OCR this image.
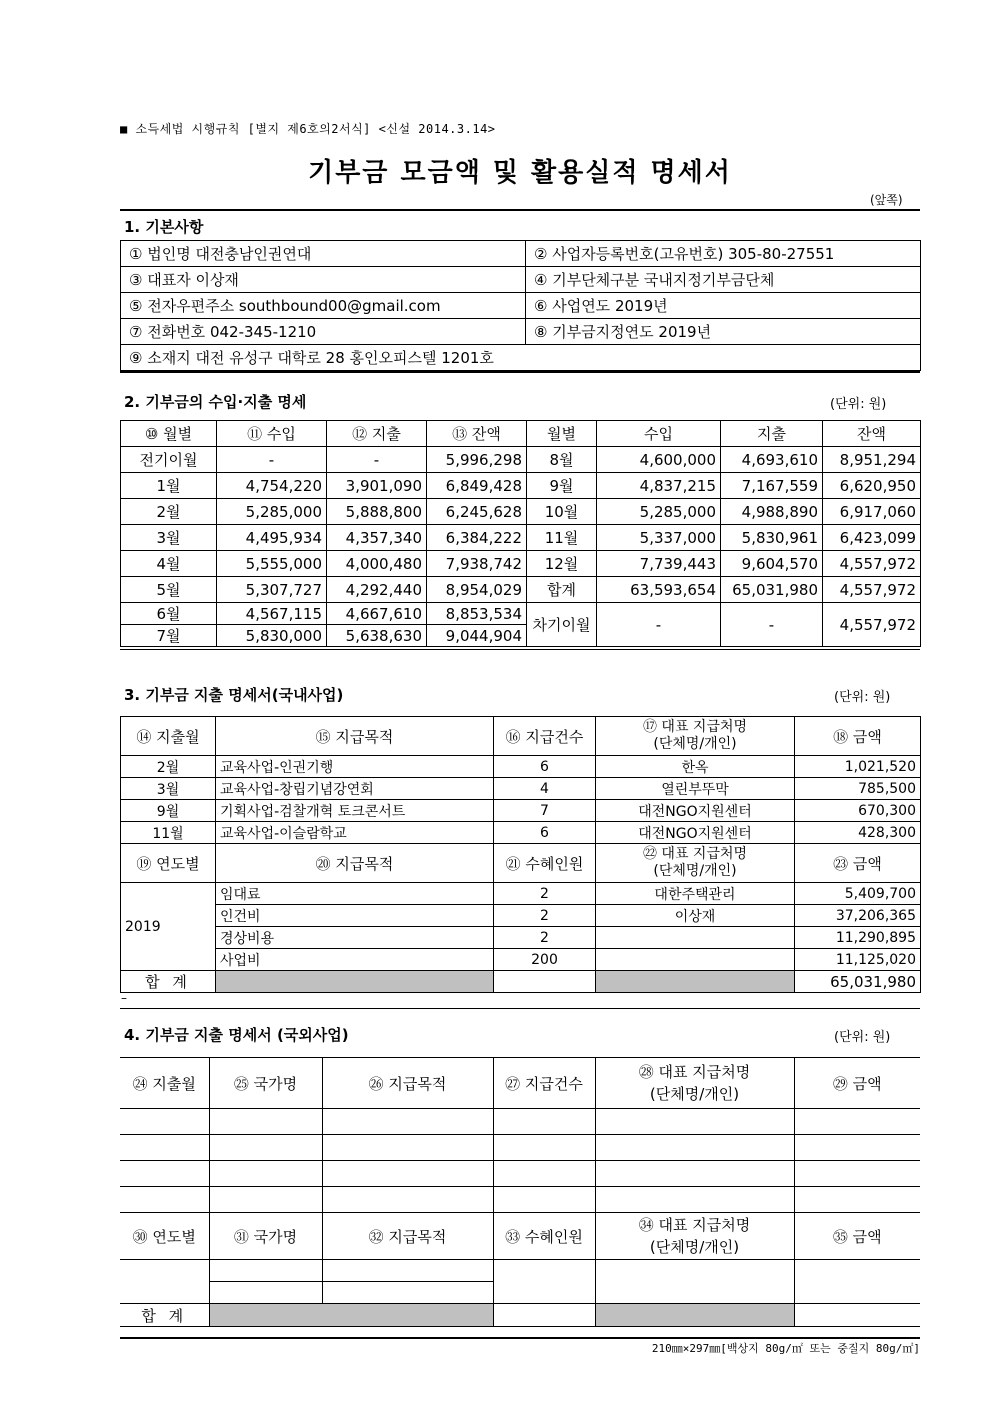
■ 소득세법 시행규칙 [별지 제6호의2서식] <신설 2014.3.14>
기부금 모금액 및 활용실적 명세서
(앞쪽)
1. 기본사항
① 법인명 대전충남인권연대	② 사업자등록번호(고유번호) 305-80-27551
③ 대표자 이상재	④ 기부단체구분 국내지정기부금단체
⑤ 전자우편주소 southbound00@gmail.com	⑥ 사업연도 2019년
⑦ 전화번호 042-345-1210	⑧ 기부금지정연도 2019년
⑨ 소재지 대전 유성구 대학로 28 홍인오피스텔 1201호	
2. 기부금의 수입·지출 명세	(단위: 원)
⑩ 월별	⑪ 수입	⑫ 지출	⑬ 잔액	월별	수입	지출	잔액
전기이월	-	-	5,996,298	8월	4,600,000	4,693,610	8,951,294
1월	4,754,220	3,901,090	6,849,428	9월	4,837,215	7,167,559	6,620,950
2월	5,285,000	5,888,800	6,245,628	10월	5,285,000	4,988,890	6,917,060
3월	4,495,934	4,357,340	6,384,222	11월	5,337,000	5,830,961	6,423,099
4월	5,555,000	4,000,480	7,938,742	12월	7,739,443	9,604,570	4,557,972
5월	5,307,727	4,292,440	8,954,029	합계	63,593,654	65,031,980	4,557,972
6월	4,567,115	4,667,610	8,853,534	차기이월	-	-	4,557,972
7월	5,830,000	5,638,630	9,044,904				
3. 기부금 지출 명세서(국내사업)	(단위: 원)
⑭ 지출월	⑮ 지급목적	⑯ 지급건수	⑰ 대표 지급처명
(단체명/개인)	⑱ 금액
2월	교육사업-인권기행	6	한옥	1,021,520
3월	교육사업-창립기념강연회	4	열린부뚜막	785,500
9월	기획사업-검찰개혁 토크콘서트	7	대전NGO지원센터	670,300
11월	교육사업-이슬람학교	6	대전NGO지원센터	428,300
⑲ 연도별	⑳ 지급목적	㉑ 수혜인원	㉒ 대표 지급처명
(단체명/개인)	㉓ 금액
2019	임대료	2	대한주택관리	5,409,700
	인건비	2	이상재	37,206,365
	경상비용	2		11,290,895
	사업비	200		11,125,020
합 계				65,031,980
–
4. 기부금 지출 명세서 (국외사업)	(단위: 원)
㉔ 지출월	㉕ 국가명	㉖ 지급목적	㉗ 지급건수	㉘ 대표 지급처명
(단체명/개인)	㉙ 금액

㉚ 연도별	㉛ 국가명	㉜ 지급목적	㉝ 수혜인원	㉞ 대표 지급처명
(단체명/개인)	㉟ 금액

합 계					
210㎜×297㎜[백상지 80g/㎡ 또는 중질지 80g/㎡]
